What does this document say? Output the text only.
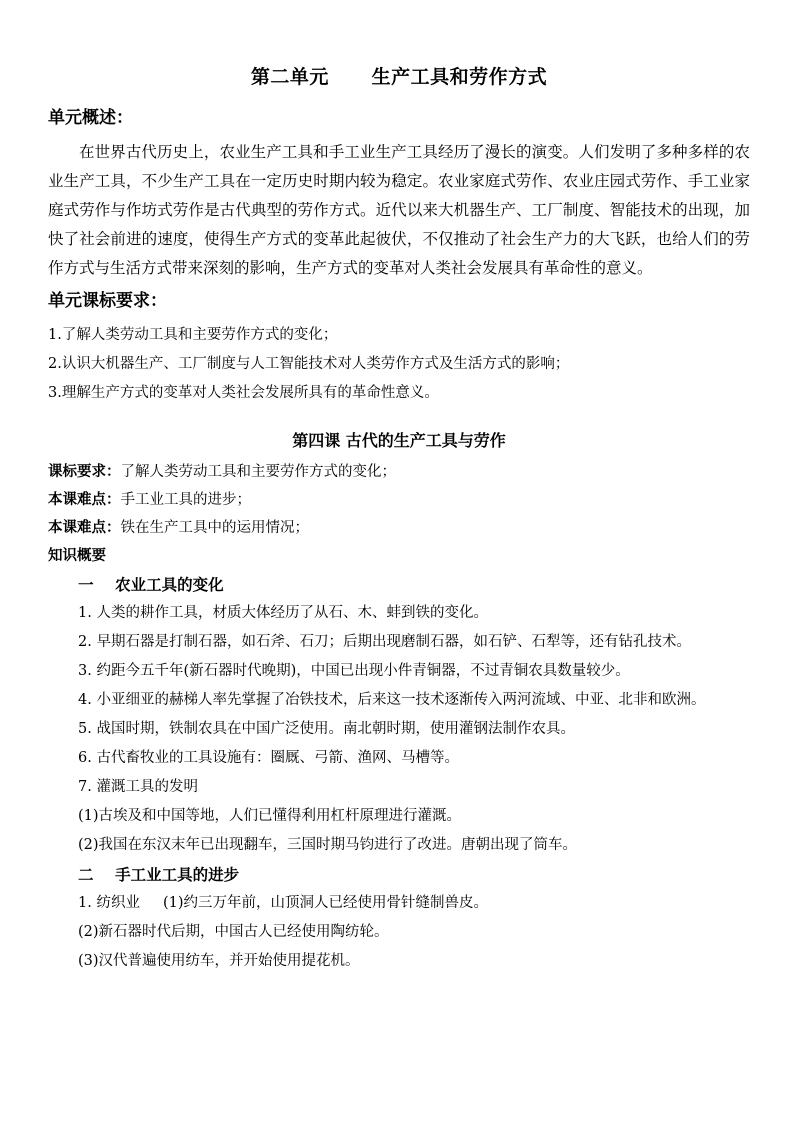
第二单元      生产工具和劳作方式
单元概述：

在世界古代历史上，农业生产工具和手工业生产工具经历了漫长的演变。人们发明了多种多样的农业生产工具，不少生产工具在一定历史时期内较为稳定。农业家庭式劳作、农业庄园式劳作、手工业家庭式劳作与作坊式劳作是古代典型的劳作方式。近代以来大机器生产、工厂制度、智能技术的出现，加快了社会前进的速度，使得生产方式的变革此起彼伏，不仅推动了社会生产力的大飞跃，也给人们的劳作方式与生活方式带来深刻的影响，生产方式的变革对人类社会发展具有革命性的意义。

单元课标要求：
1.了解人类劳动工具和主要劳作方式的变化；
2.认识大机器生产、工厂制度与人工智能技术对人类劳作方式及生活方式的影响；
3.理解生产方式的变革对人类社会发展所具有的革命性意义。
第四课 古代的生产工具与劳作

课标要求：了解人类劳动工具和主要劳作方式的变化；

本课难点：手工业工具的进步；

本课难点：铁在生产工具中的运用情况；

知识概要

一    农业工具的变化

1. 人类的耕作工具，材质大体经历了从石、木、蚌到铁的变化。

2. 早期石器是打制石器，如石斧、石刀；后期出现磨制石器，如石铲、石犁等，还有钻孔技术。

3. 约距今五千年(新石器时代晚期)，中国已出现小件青铜器，不过青铜农具数量较少。

4. 小亚细亚的赫梯人率先掌握了冶铁技术，后来这一技术逐渐传入两河流域、中亚、北非和欧洲。

5. 战国时期，铁制农具在中国广泛使用。南北朝时期，使用灌钢法制作农具。

6. 古代畜牧业的工具设施有：圈厩、弓箭、渔网、马槽等。

7. 灌溉工具的发明

(1)古埃及和中国等地，人们已懂得利用杠杆原理进行灌溉。

(2)我国在东汉末年已出现翻车，三国时期马钧进行了改进。唐朝出现了筒车。

二    手工业工具的进步

1. 纺织业     (1)约三万年前，山顶洞人已经使用骨针缝制兽皮。

(2)新石器时代后期，中国古人已经使用陶纺轮。

(3)汉代普遍使用纺车，并开始使用提花机。
